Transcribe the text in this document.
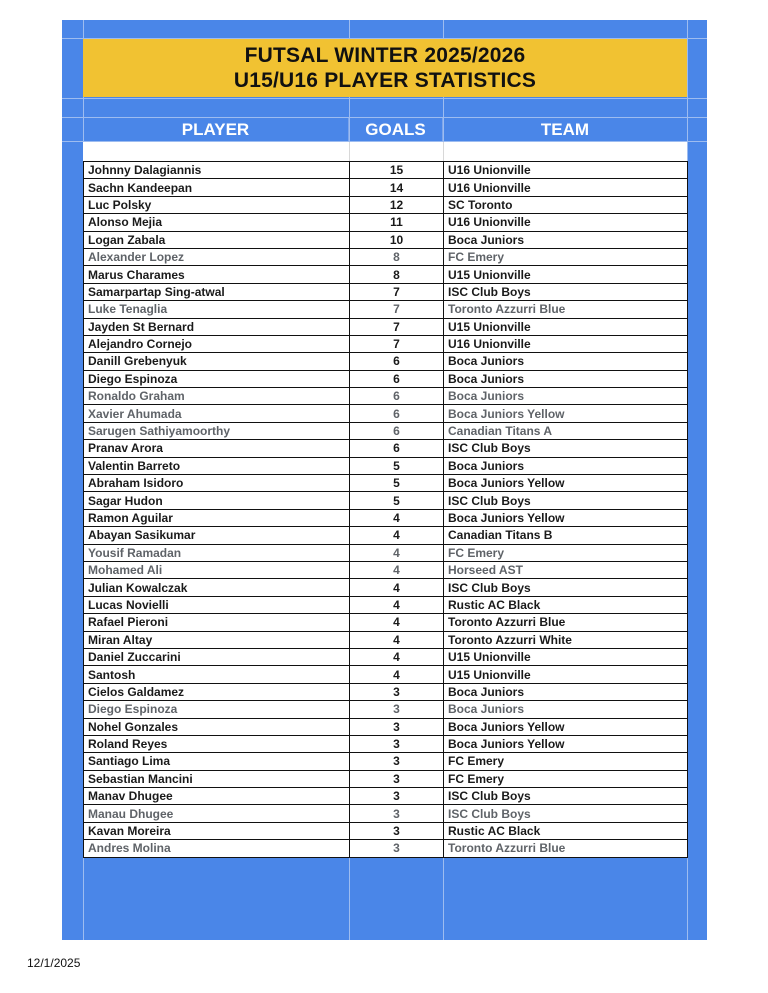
FUTSAL WINTER 2025/2026
U15/U16 PLAYER STATISTICS
PLAYER	GOALS	TEAM
Johnny Dalagiannis	15	U16 Unionville
Sachn Kandeepan	14	U16 Unionville
Luc Polsky	12	SC Toronto
Alonso Mejia	11	U16 Unionville
Logan Zabala	10	Boca Juniors
Alexander Lopez	8	FC Emery
Marus Charames	8	U15 Unionville
Samarpartap Sing-atwal	7	ISC Club Boys
Luke Tenaglia	7	Toronto Azzurri Blue
Jayden St Bernard	7	U15 Unionville
Alejandro Cornejo	7	U16 Unionville
Danill Grebenyuk	6	Boca Juniors
Diego Espinoza	6	Boca Juniors
Ronaldo Graham	6	Boca Juniors
Xavier Ahumada	6	Boca Juniors Yellow
Sarugen Sathiyamoorthy	6	Canadian Titans A
Pranav Arora	6	ISC Club Boys
Valentin Barreto	5	Boca Juniors
Abraham Isidoro	5	Boca Juniors Yellow
Sagar Hudon	5	ISC Club Boys
Ramon Aguilar	4	Boca Juniors Yellow
Abayan Sasikumar	4	Canadian Titans B
Yousif Ramadan	4	FC Emery
Mohamed Ali	4	Horseed AST
Julian Kowalczak	4	ISC Club Boys
Lucas Novielli	4	Rustic AC Black
Rafael Pieroni	4	Toronto Azzurri Blue
Miran Altay	4	Toronto Azzurri White
Daniel Zuccarini	4	U15 Unionville
Santosh	4	U15 Unionville
Cielos Galdamez	3	Boca Juniors
Diego Espinoza	3	Boca Juniors
Nohel Gonzales	3	Boca Juniors Yellow
Roland Reyes	3	Boca Juniors Yellow
Santiago Lima	3	FC Emery
Sebastian Mancini	3	FC Emery
Manav Dhugee	3	ISC Club Boys
Manau Dhugee	3	ISC Club Boys
Kavan Moreira	3	Rustic AC Black
Andres Molina	3	Toronto Azzurri Blue
12/1/2025
